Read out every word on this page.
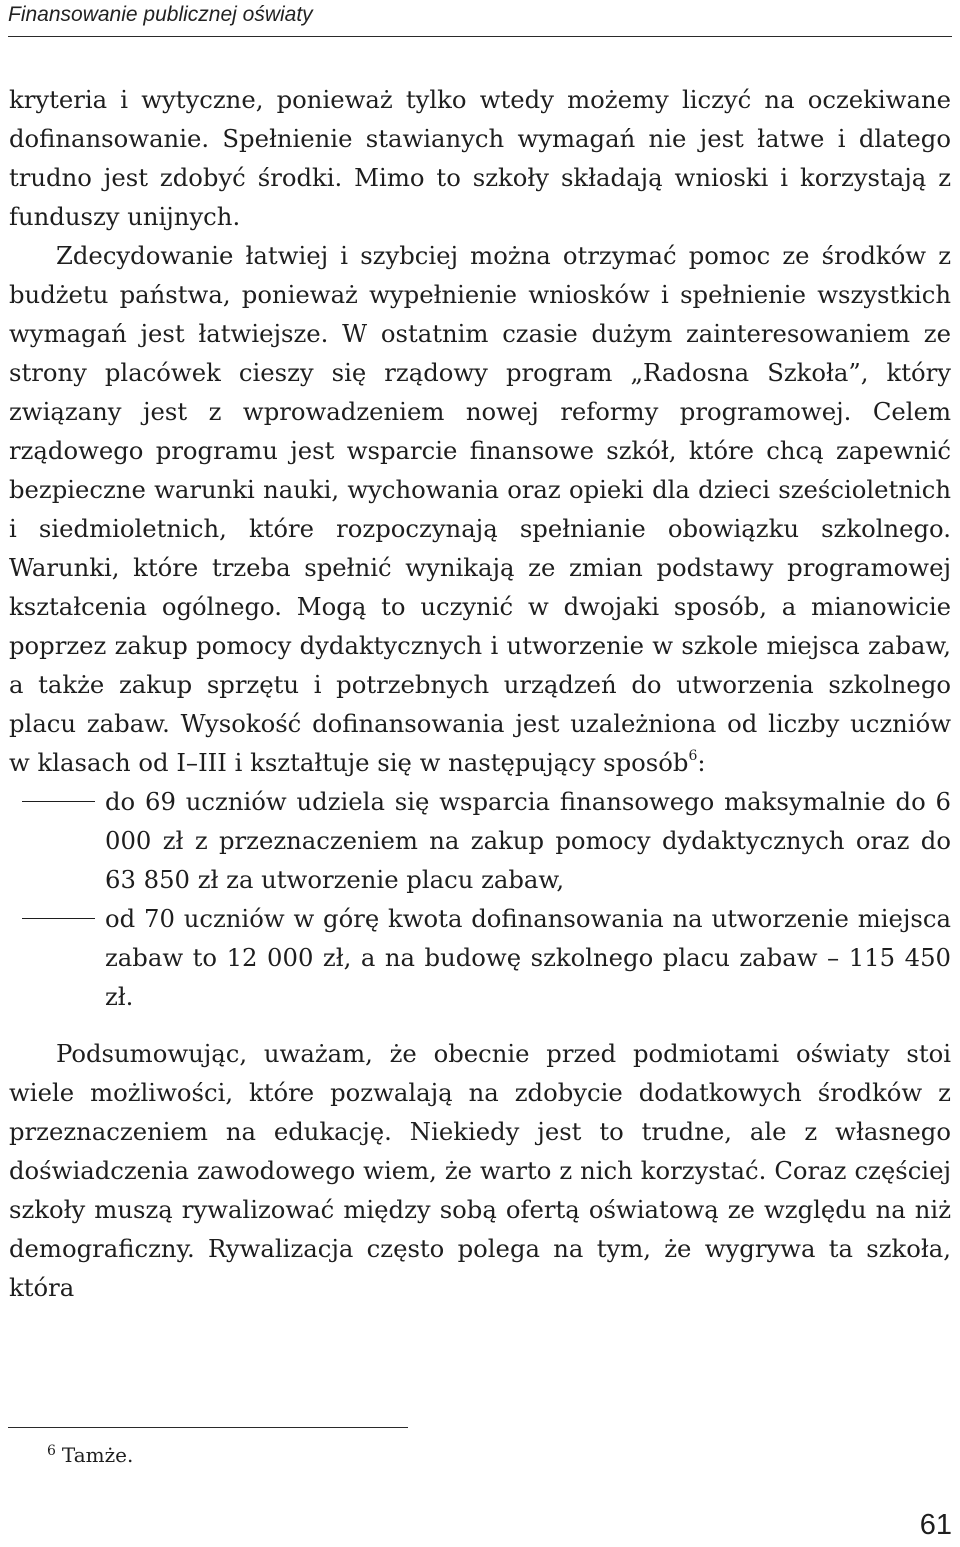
Finansowanie publicznej oświaty

kryteria i wytyczne, ponieważ tylko wtedy możemy liczyć na oczekiwane dofinansowanie. Spełnienie stawianych wymagań nie jest łatwe i dlatego trudno jest zdobyć środki. Mimo to szkoły składają wnioski i korzystają z funduszy unijnych.

Zdecydowanie łatwiej i szybciej można otrzymać pomoc ze środków z budżetu państwa, ponieważ wypełnienie wniosków i spełnienie wszystkich wymagań jest łatwiejsze. W ostatnim czasie dużym zainteresowaniem ze strony placówek cieszy się rządowy program „Radosna Szkoła”, który związany jest z wprowadzeniem nowej reformy programowej. Celem rządowego programu jest wsparcie finansowe szkół, które chcą zapewnić bezpieczne warunki nauki, wychowania oraz opieki dla dzieci sześcioletnich i siedmioletnich, które rozpoczynają spełnianie obowiązku szkolnego. Warunki, które trzeba spełnić wynikają ze zmian podstawy programowej kształcenia ogólnego. Mogą to uczynić w dwojaki sposób, a mianowicie poprzez zakup pomocy dydaktycznych i utworzenie w szkole miejsca zabaw, a także zakup sprzętu i potrzebnych urządzeń do utworzenia szkolnego placu zabaw. Wysokość dofinansowania jest uzależniona od liczby uczniów w klasach od I–III i kształtuje się w następujący sposób$^6$:

do 69 uczniów udziela się wsparcia finansowego maksymalnie do 6 000 zł z przeznaczeniem na zakup pomocy dydaktycznych oraz do 63 850 zł za utworzenie placu zabaw,
od 70 uczniów w górę kwota dofinansowania na utworzenie miejsca zabaw to 12 000 zł, a na budowę szkolnego placu zabaw – 115 450 zł.

Podsumowując, uważam, że obecnie przed podmiotami oświaty stoi wiele możliwości, które pozwalają na zdobycie dodatkowych środków z przeznaczeniem na edukację. Niekiedy jest to trudne, ale z własnego doświadczenia zawodowego wiem, że warto z nich korzystać. Coraz częściej szkoły muszą rywalizować między sobą ofertą oświatową ze względu na niż demograficzny. Rywalizacja często polega na tym, że wygrywa ta szkoła, która

$^6$ Tamże.
61
